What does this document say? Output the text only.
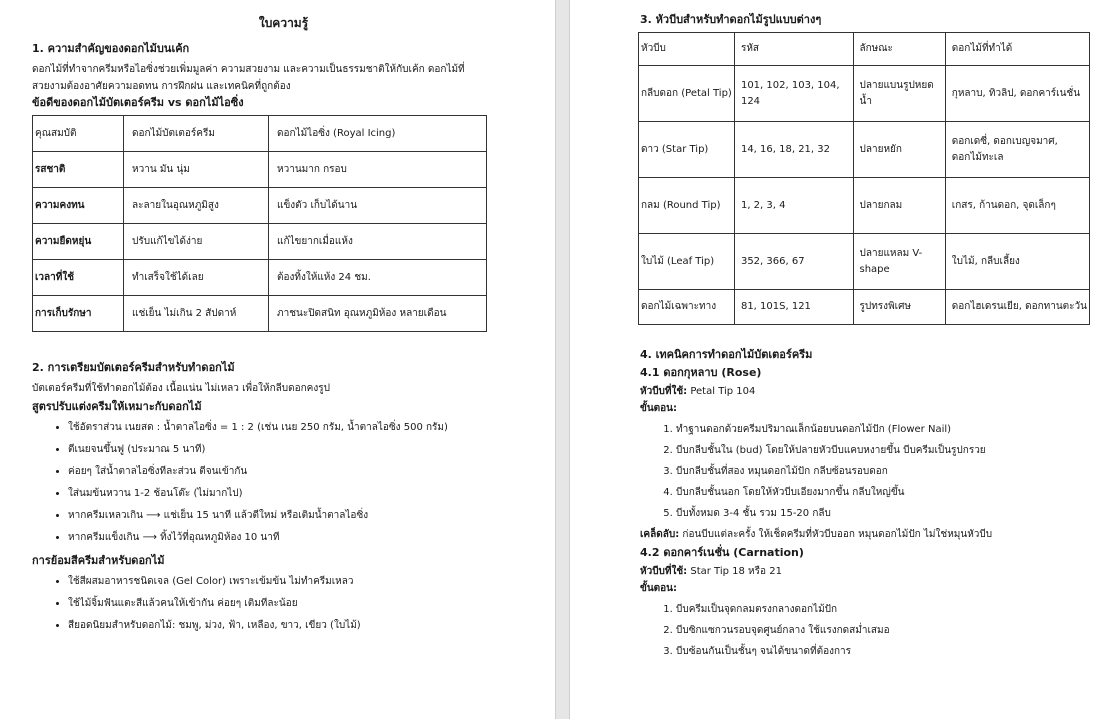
ใบความรู้
1. ความสำคัญของดอกไม้บนเค้ก

ดอกไม้ที่ทำจากครีมหรือไอซิ่งช่วยเพิ่มมูลค่า ความสวยงาม และความเป็นธรรมชาติให้กับเค้ก ดอกไม้ที่

สวยงามต้องอาศัยความอดทน การฝึกฝน และเทคนิคที่ถูกต้อง

ข้อดีของดอกไม้บัตเตอร์ครีม vs ดอกไม้ไอซิ่ง
คุณสมบัติ	ดอกไม้บัตเตอร์ครีม	ดอกไม้ไอซิ่ง (Royal Icing)
รสชาติ	หวาน มัน นุ่ม	หวานมาก กรอบ
ความคงทน	ละลายในอุณหภูมิสูง	แข็งตัว เก็บได้นาน
ความยืดหยุ่น	ปรับแก้ไขได้ง่าย	แก้ไขยากเมื่อแห้ง
เวลาที่ใช้	ทำเสร็จใช้ได้เลย	ต้องทิ้งให้แห้ง 24 ชม.
การเก็บรักษา	แช่เย็น ไม่เกิน 2 สัปดาห์	ภาชนะปิดสนิท อุณหภูมิห้อง หลายเดือน
2. การเตรียมบัตเตอร์ครีมสำหรับทำดอกไม้

บัตเตอร์ครีมที่ใช้ทำดอกไม้ต้อง เนื้อแน่น ไม่เหลว เพื่อให้กลีบดอกคงรูป

สูตรปรับแต่งครีมให้เหมาะกับดอกไม้
• ใช้อัตราส่วน เนยสด : น้ำตาลไอซิ่ง = 1 : 2 (เช่น เนย 250 กรัม, น้ำตาลไอซิ่ง 500 กรัม)
• ตีเนยจนขึ้นฟู (ประมาณ 5 นาที)
• ค่อยๆ ใส่น้ำตาลไอซิ่งทีละส่วน ตีจนเข้ากัน
• ใส่นมข้นหวาน 1-2 ช้อนโต๊ะ (ไม่มากไป)
• หากครีมเหลวเกิน ⟶ แช่เย็น 15 นาที แล้วตีใหม่ หรือเติมน้ำตาลไอซิ่ง
• หากครีมแข็งเกิน ⟶ ทิ้งไว้ที่อุณหภูมิห้อง 10 นาที
การย้อมสีครีมสำหรับดอกไม้
• ใช้สีผสมอาหารชนิดเจล (Gel Color) เพราะเข้มข้น ไม่ทำครีมเหลว
• ใช้ไม้จิ้มฟันแตะสีแล้วคนให้เข้ากัน ค่อยๆ เติมทีละน้อย
• สียอดนิยมสำหรับดอกไม้: ชมพู, ม่วง, ฟ้า, เหลือง, ขาว, เขียว (ใบไม้)
3. หัวบีบสำหรับทำดอกไม้รูปแบบต่างๆ
หัวบีบ	รหัส	ลักษณะ	ดอกไม้ที่ทำได้
กลีบดอก (Petal Tip)	101, 102, 103, 104, 124	ปลายแบนรูปหยดน้ำ	กุหลาบ, ทิวลิป, ดอกคาร์เนชั่น
ดาว (Star Tip)	14, 16, 18, 21, 32	ปลายหยัก	ดอกเดซี่, ดอกเบญจมาศ, ดอกไม้ทะเล
กลม (Round Tip)	1, 2, 3, 4	ปลายกลม	เกสร, ก้านดอก, จุดเล็กๆ
ใบไม้ (Leaf Tip)	352, 366, 67	ปลายแหลม V-shape	ใบไม้, กลีบเลี้ยง
ดอกไม้เฉพาะทาง	81, 101S, 121	รูปทรงพิเศษ	ดอกไฮเดรนเยีย, ดอกทานตะวัน
4. เทคนิคการทำดอกไม้บัตเตอร์ครีม
4.1 ดอกกุหลาบ (Rose)

หัวบีบที่ใช้: Petal Tip 104

ขั้นตอน:

1. ทำฐานดอกด้วยครีมปริมาณเล็กน้อยบนดอกไม้ปัก (Flower Nail)
2. บีบกลีบชั้นใน (bud) โดยให้ปลายหัวบีบแคบหงายขึ้น บีบครีมเป็นรูปกรวย
3. บีบกลีบชั้นที่สอง หมุนดอกไม้ปัก กลีบซ้อนรอบดอก
4. บีบกลีบชั้นนอก โดยให้หัวบีบเอียงมากขึ้น กลีบใหญ่ขึ้น
5. บีบทั้งหมด 3-4 ชั้น รวม 15-20 กลีบ

เคล็ดลับ: ก่อนบีบแต่ละครั้ง ให้เช็ดครีมที่หัวบีบออก หมุนดอกไม้ปัก ไม่ใช่หมุนหัวบีบ

4.2 ดอกคาร์เนชั่น (Carnation)

หัวบีบที่ใช้: Star Tip 18 หรือ 21

ขั้นตอน:

1. บีบครีมเป็นจุดกลมตรงกลางดอกไม้ปัก
2. บีบซิกแซกวนรอบจุดศูนย์กลาง ใช้แรงกดสม่ำเสมอ
3. บีบซ้อนกันเป็นชั้นๆ จนได้ขนาดที่ต้องการ
